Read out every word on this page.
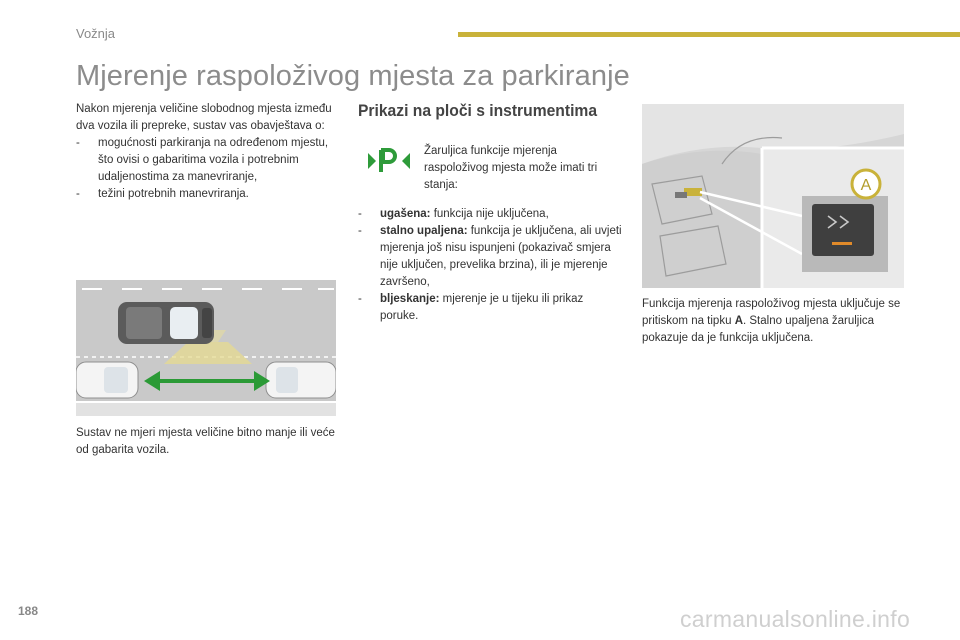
Vožnja
Mjerenje raspoloživog mjesta za parkiranje

Nakon mjerenja veličine slobodnog mjesta između dva vozila ili prepreke, sustav vas obavještava o:

- mogućnosti parkiranja na određenom mjestu, što ovisi o gabaritima vozila i potrebnim udaljenostima za manevriranje,
- težini potrebnih manevriranja.
Sustav ne mjeri mjesta veličine bitno manje ili veće od gabarita vozila.
Prikazi na ploči s instrumentima
Žaruljica funkcije mjerenja raspoloživog mjesta može imati tri stanja:
- ugašena: funkcija nije uključena,
- stalno upaljena: funkcija je uključena, ali uvjeti mjerenja još nisu ispunjeni (pokazivač smjera nije uključen, prevelika brzina), ili je mjerenje završeno,
- bljeskanje: mjerenje je u tijeku ili prikaz poruke.
A
Funkcija mjerenja raspoloživog mjesta uključuje se pritiskom na tipku A. Stalno upaljena žaruljica pokazuje da je funkcija uključena.
188	carmanualsonline.info
